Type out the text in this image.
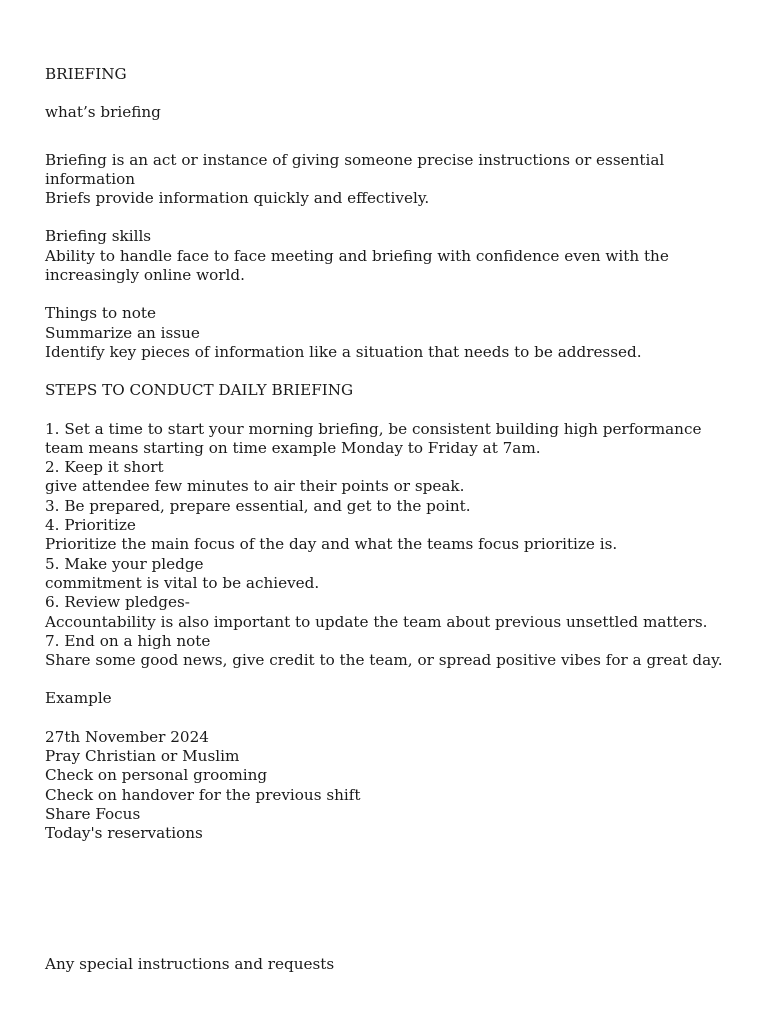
BRIEFING
what’s briefing
Briefing is an act or instance of giving someone precise instructions or essential information
Briefs provide information quickly and effectively.
Briefing skills
Ability to handle face to face meeting and briefing with confidence even with the increasingly online world.
Things to note
Summarize an issue
Identify key pieces of information like a situation that needs to be addressed.
STEPS TO CONDUCT DAILY BRIEFING
1. Set a time to start your morning briefing, be consistent building high performance team means starting on time example Monday to Friday at 7am.
2. Keep it short
give attendee few minutes to air their points or speak.
3. Be prepared, prepare essential, and get to the point.
4. Prioritize
Prioritize the main focus of the day and what the teams focus prioritize is.
5. Make your pledge
commitment is vital to be achieved.
6. Review pledges-
Accountability is also important to update the team about previous unsettled matters.
7. End on a high note
Share some good news, give credit to the team, or spread positive vibes for a great day.
Example
27th November 2024
Pray Christian or Muslim
Check on personal grooming
Check on handover for the previous shift
Share Focus
Today's reservations
Any special instructions and requests
